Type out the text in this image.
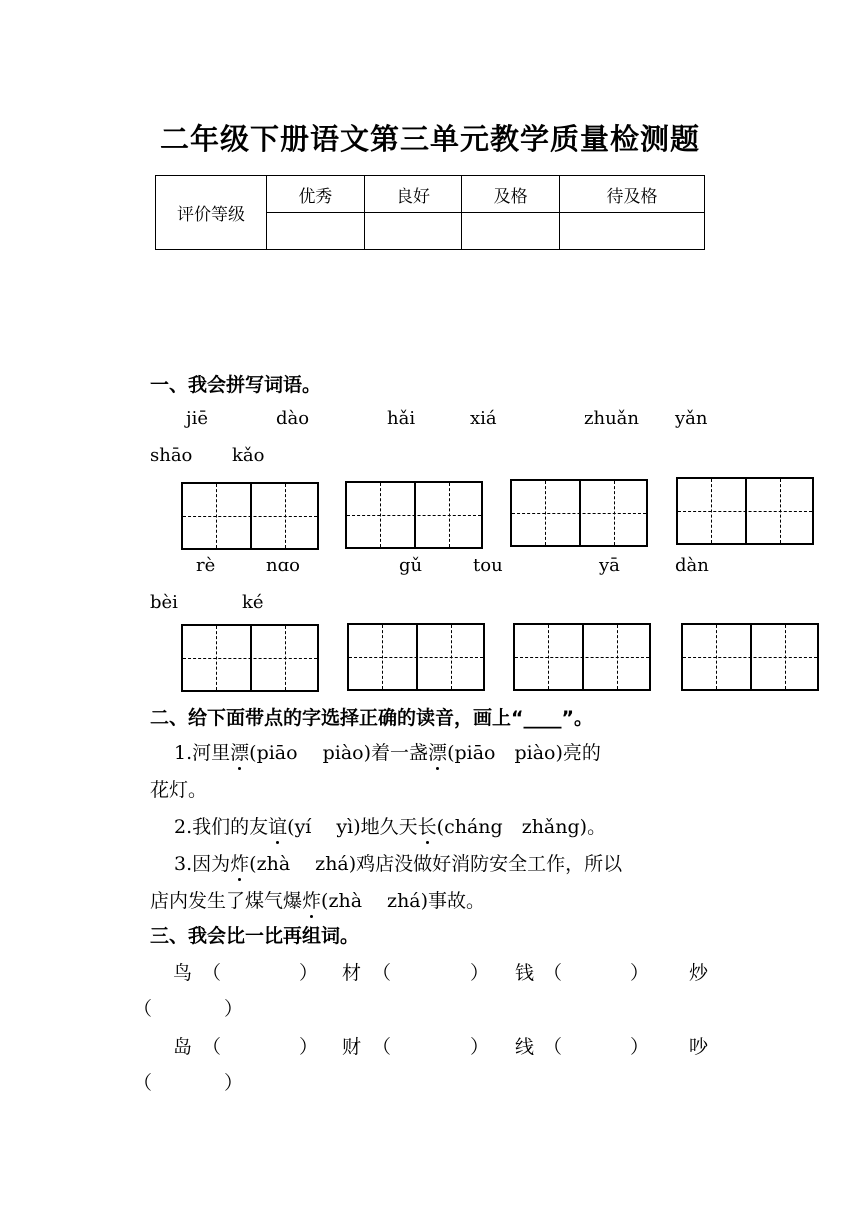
二年级下册语文第三单元教学质量检测题
评价等级	优秀	良好	及格	待及格

一、我会拼写词语。
jiē	dào	hǎi	xiá	zhuǎn yǎn
shāo kǎo
rè	nɑo	gǔ	tou	yā	dàn
bèi	ké
二、给下面带点的字选择正确的读音，画上“____”。
1.河里漂(piāo　 piào)着一盏漂(piāo　piào)亮的
花灯。
2.我们的友谊(yí　 yì)地久天长(cháng　zhǎng)。
3.因为炸(zhà　 zhá)鸡店没做好消防安全工作，所以
店内发生了煤气爆炸(zhà　 zhá)事故。
三、我会比一比再组词。
鸟 （	） 材 （	） 钱 （	） 炒
（	）
岛 （	） 财 （	） 线 （	） 吵
（	）
